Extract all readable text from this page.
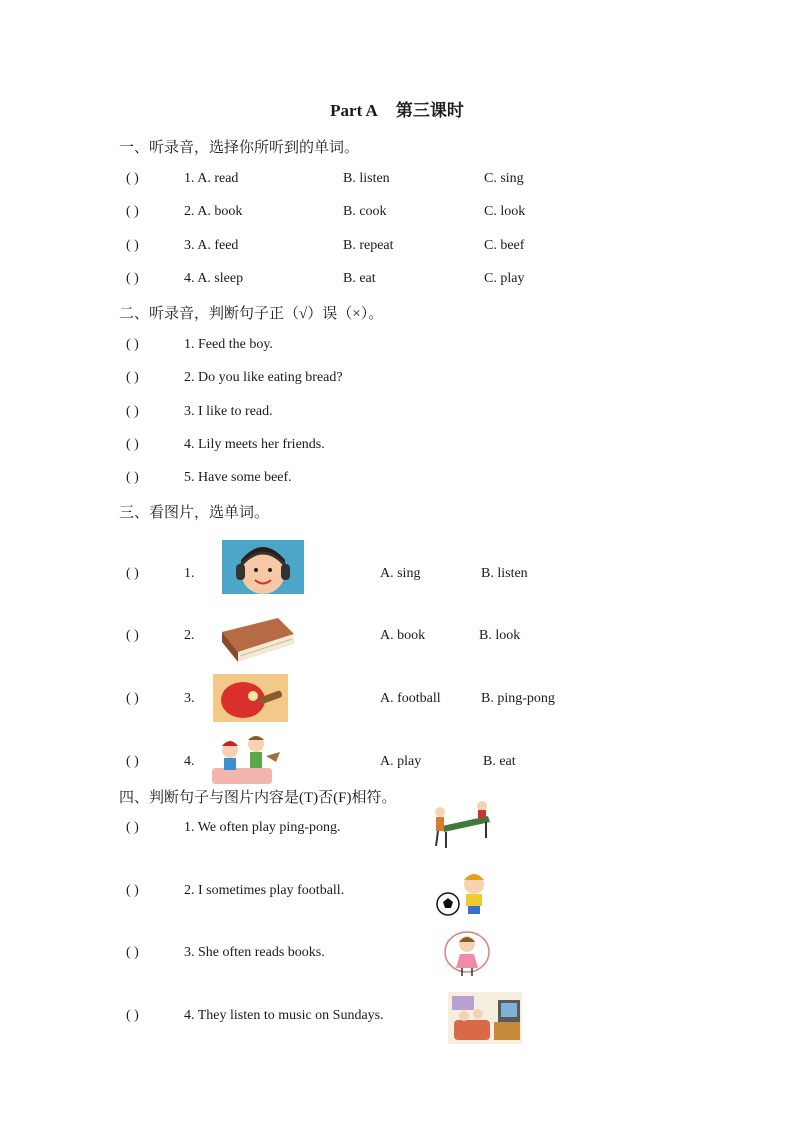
Part A 第三课时
一、听录音，选择你所听到的单词。
( )	1. A. read	B. listen	C. sing
( )	2. A. book	B. cook	C. look
( )	3. A. feed	B. repeat	C. beef
( )	4. A. sleep	B. eat	C. play
二、听录音，判断句子正（√）误（×）。
( )	1. Feed the boy.
( )	2. Do you like eating bread?
( )	3. I like to read.
( )	4. Lily meets her friends.
( )	5. Have some beef.
三、看图片，选单词。
( )	1.	A. sing	B. listen
( )	2.	A. book	B. look
( )	3.	A. football	B. ping-pong
( )	4.	A. play	B. eat
四、判断句子与图片内容是(T)否(F)相符。
( )	1. We often play ping-pong.
( )	2. I sometimes play football.
( )	3. She often reads books.
( )	4. They listen to music on Sundays.
